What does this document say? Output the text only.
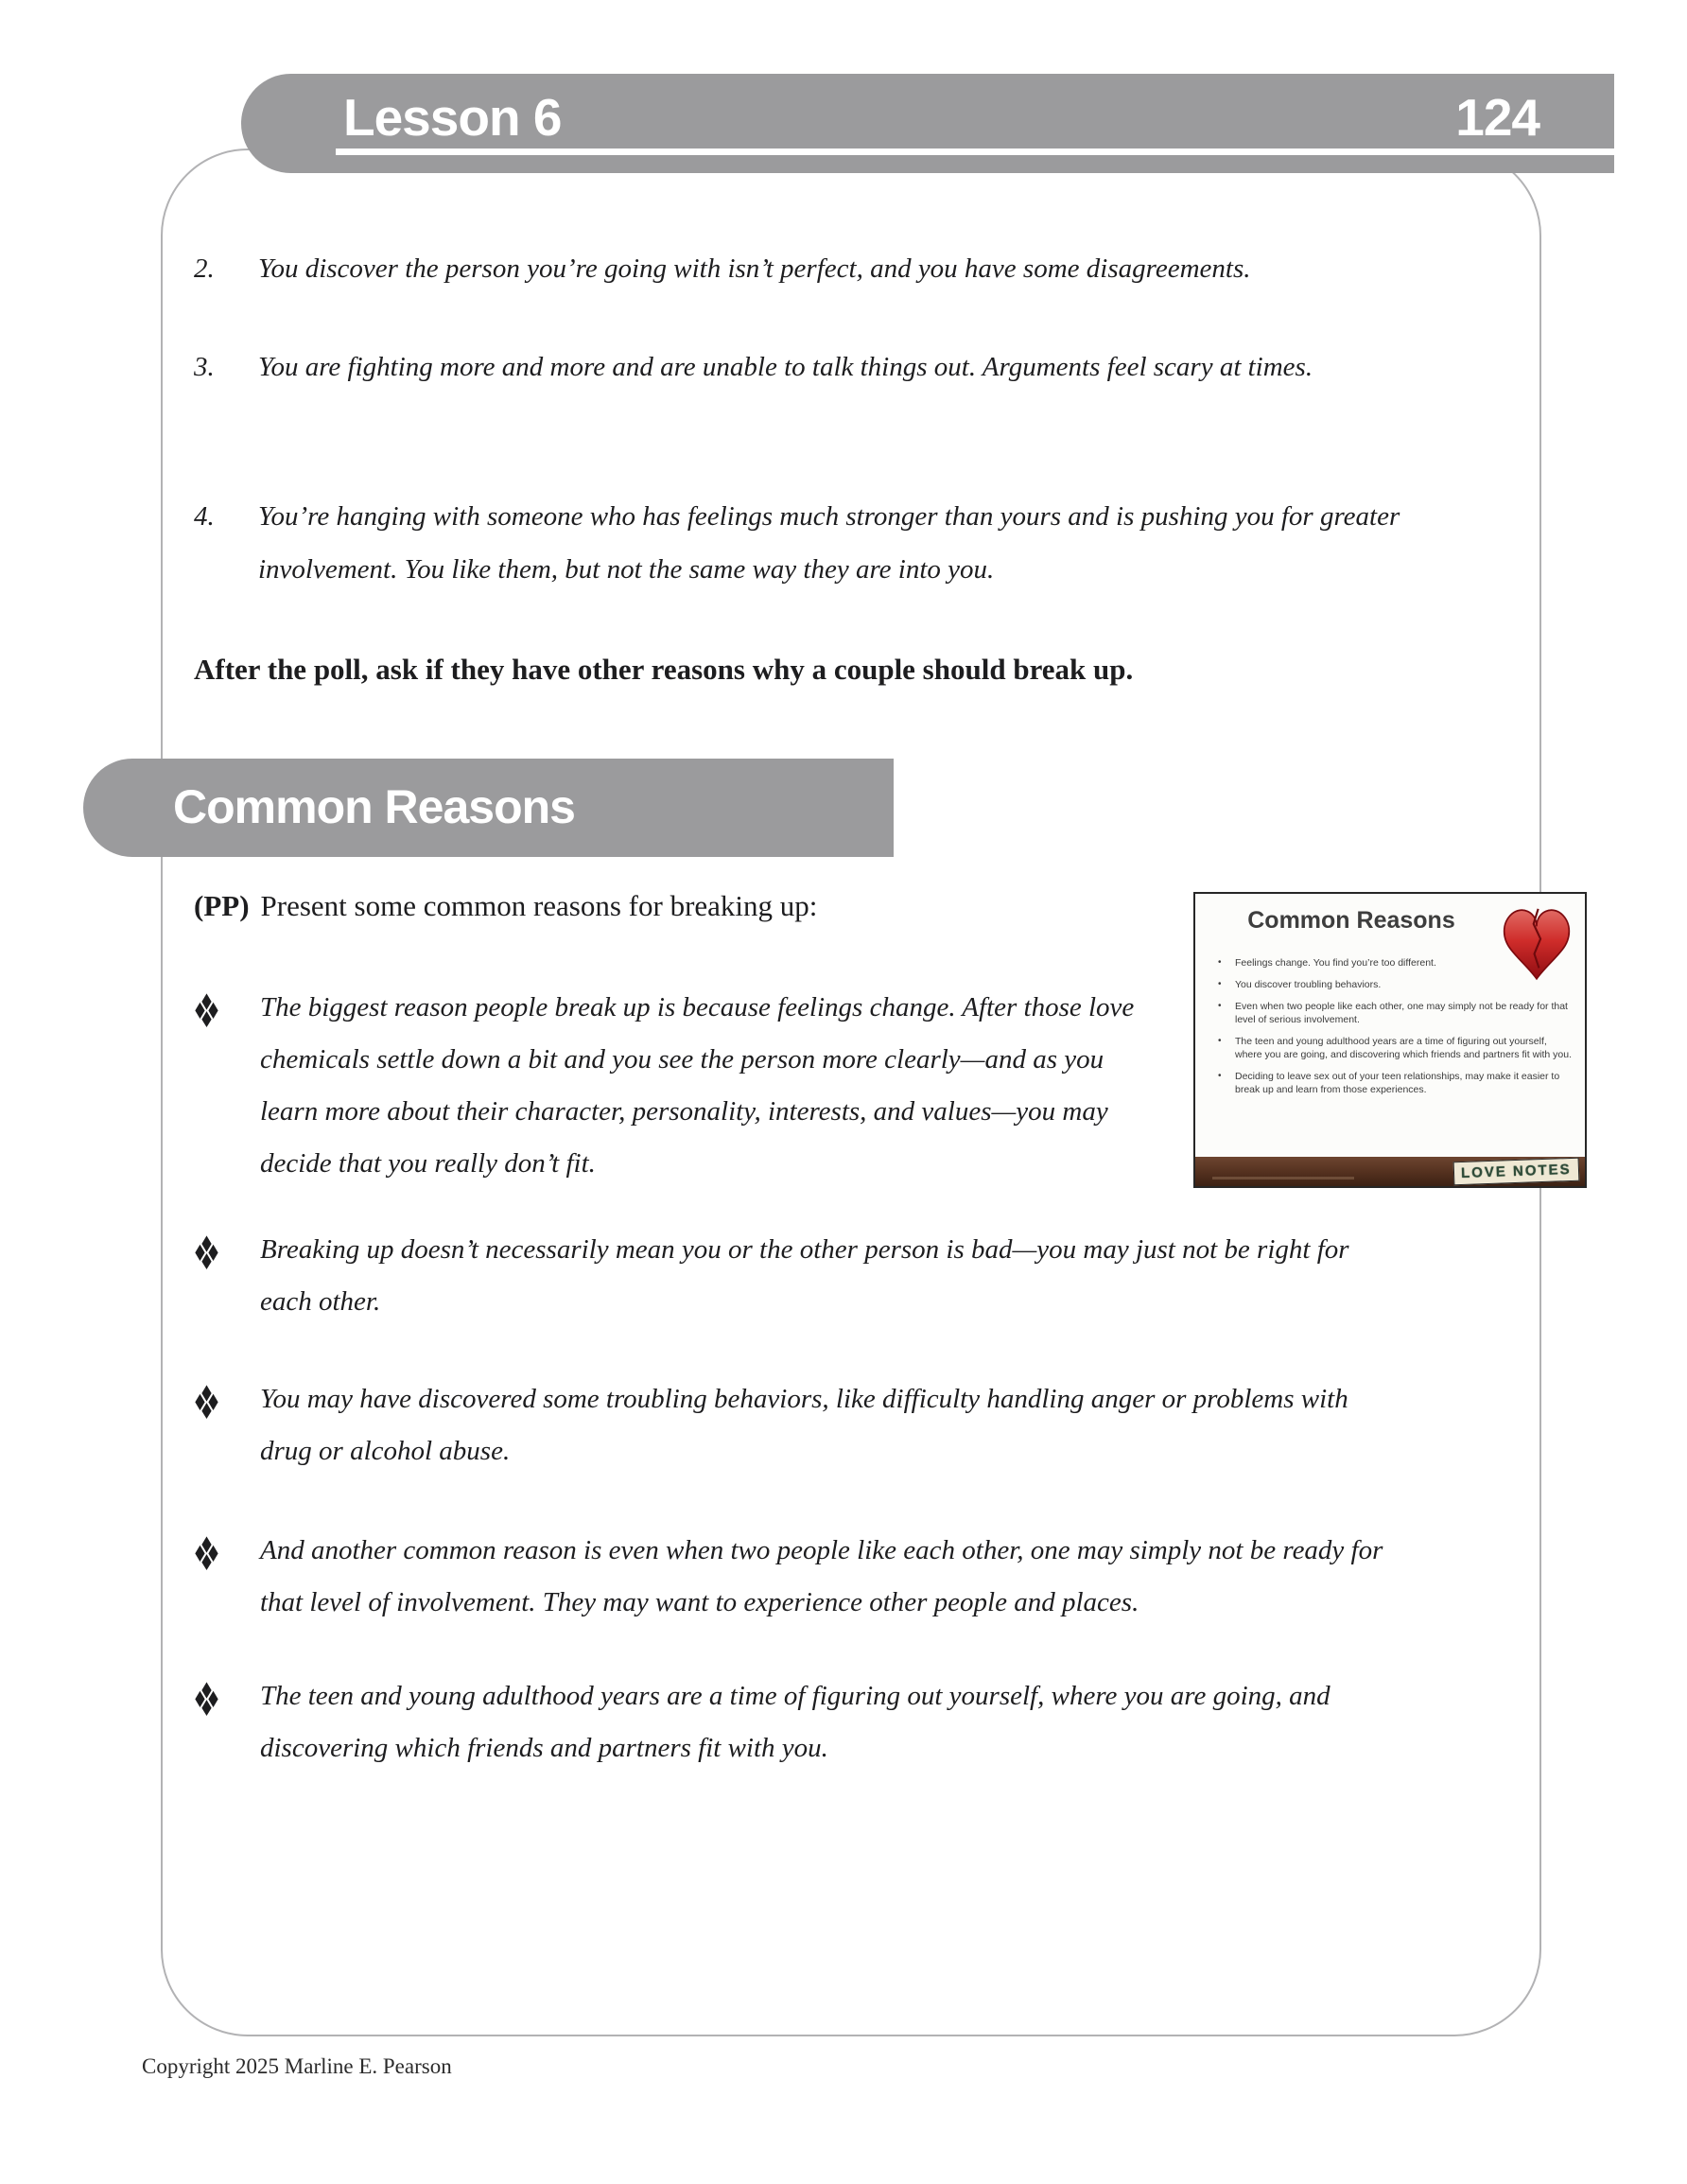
Lesson 6	124
2.	You discover the person you’re going with isn’t perfect, and you have some disagreements.
3.	You are fighting more and more and are unable to talk things out. Arguments feel scary at times.
4.	You’re hanging with someone who has feelings much stronger than yours and is pushing you for greater involvement. You like them, but not the same way they are into you.
After the poll, ask if they have other reasons why a couple should break up.
Common Reasons
(PP) Present some common reasons for breaking up:	Common Reasons
• Feelings change. You find you’re too different.
• You discover troubling behaviors.
• Even when two people like each other, one may simply not be ready for that level of serious involvement.
• The teen and young adulthood years are a time of figuring out yourself, where you are going, and discovering which friends and partners fit with you.
• Deciding to leave sex out of your teen relationships, may make it easier to break up and learn from those experiences.
LOVE NOTES
The biggest reason people break up is because feelings change. After those love chemicals settle down a bit and you see the person more clearly—and as you learn more about their character, personality, interests, and values—you may decide that you really don’t fit.
Breaking up doesn’t necessarily mean you or the other person is bad—you may just not be right for each other.
You may have discovered some troubling behaviors, like difficulty handling anger or problems with drug or alcohol abuse.
And another common reason is even when two people like each other, one may simply not be ready for that level of involvement. They may want to experience other people and places.
The teen and young adulthood years are a time of figuring out yourself, where you are going, and discovering which friends and partners fit with you.
Copyright 2025 Marline E. Pearson
